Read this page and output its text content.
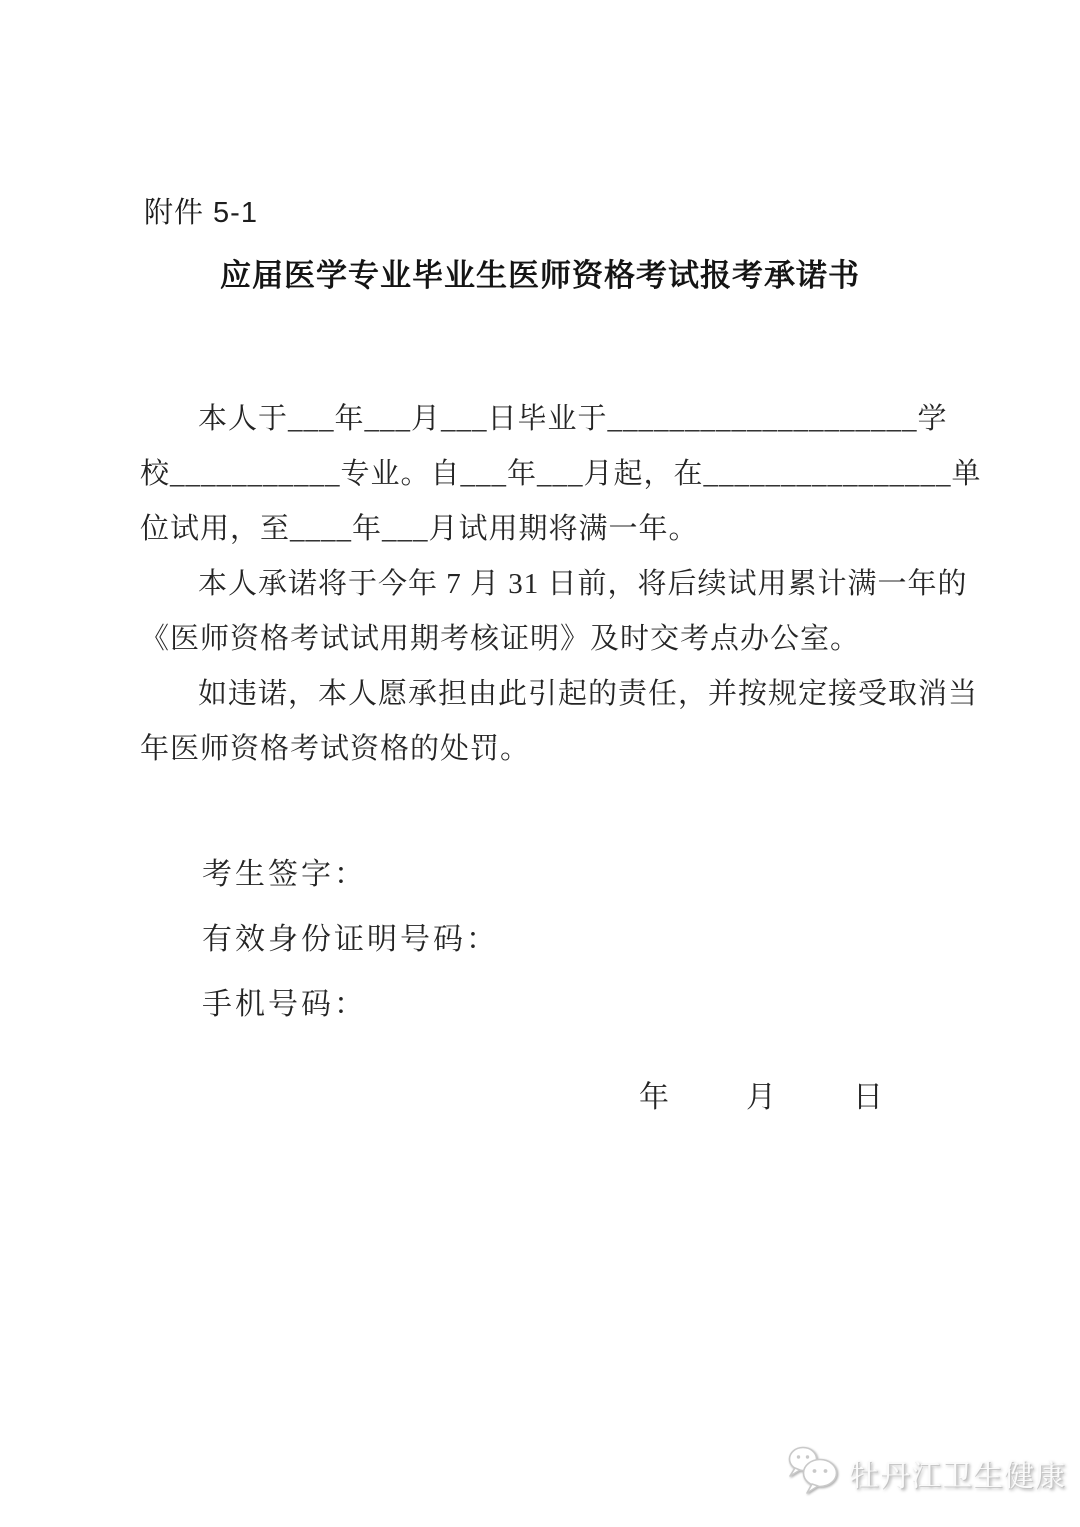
附件 5-1
应届医学专业毕业生医师资格考试报考承诺书
本人于___年___月___日毕业于____________________学
校___________专业。自___年___月起，在________________单
位试用，至____年___月试用期将满一年。
本人承诺将于今年 7 月 31 日前，将后续试用累计满一年的
《医师资格考试试用期考核证明》及时交考点办公室。
如违诺，本人愿承担由此引起的责任，并按规定接受取消当
年医师资格考试资格的处罚。
考生签字：
有效身份证明号码：
手机号码：
年	月	日
牡丹江卫生健康
